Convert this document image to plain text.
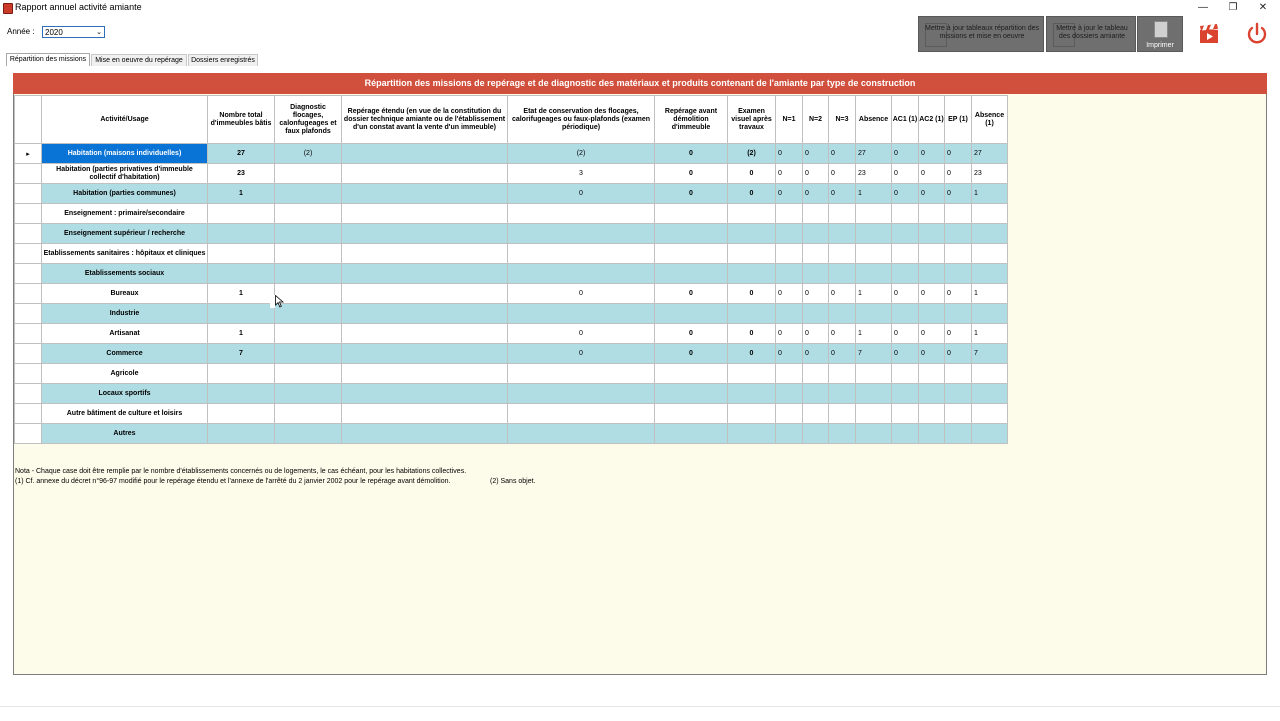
Rapport annuel activité amiante	—	❐	✕
Année :	2020	⌄
Mettre à jour tableaux répartition des missions et mise en oeuvre
Mettre à jour le tableau des dossiers amiante
Imprimer
Répartition des missions	Mise en oeuvre du repérage	Dossiers enregistrés
Répartition des missions de repérage et de diagnostic des matériaux et produits contenant de l'amiante par type de construction
	Activité/Usage	Nombre total d'immeubles bâtis	Diagnostic flocages, calonfugeages et faux plafonds	Repérage étendu (en vue de la constitution du dossier technique amiante ou de l'établissement d'un constat avant la vente d'un immeuble)	Etat de conservation des flocages, calorifugeages ou faux-plafonds (examen périodique)	Repérage avant démolition d'immeuble	Examen visuel après travaux	N=1	N=2	N=3	Absence	AC1 (1)	AC2 (1)	EP (1)	Absence (1)
▸	Habitation (maisons individuelles)	27	(2)		(2)	0	(2)	0	0	0	27	0	0	0	27
	Habitation (parties privatives d'immeuble collectif d'habitation)	23			3	0	0	0	0	0	23	0	0	0	23
	Habitation (parties communes)	1			0	0	0	0	0	0	1	0	0	0	1
	Enseignement : primaire/secondaire														
	Enseignement supérieur / recherche														
	Etablissements sanitaires : hôpitaux et cliniques														
	Etablissements sociaux														
	Bureaux	1			0	0	0	0	0	0	1	0	0	0	1
	Industrie														
	Artisanat	1			0	0	0	0	0	0	1	0	0	0	1
	Commerce	7			0	0	0	0	0	0	7	0	0	0	7
	Agricole														
	Locaux sportifs														
	Autre bâtiment de culture et loisirs														
	Autres														
Nota - Chaque case doit être remplie par le nombre d'établissements concernés ou de logements, le cas échéant, pour les habitations collectives.
(1) Cf. annexe du décret n°96-97 modifié pour le repérage étendu et l'annexe de l'arrêté du 2 janvier 2002 pour le repérage avant démolition.	(2) Sans objet.
